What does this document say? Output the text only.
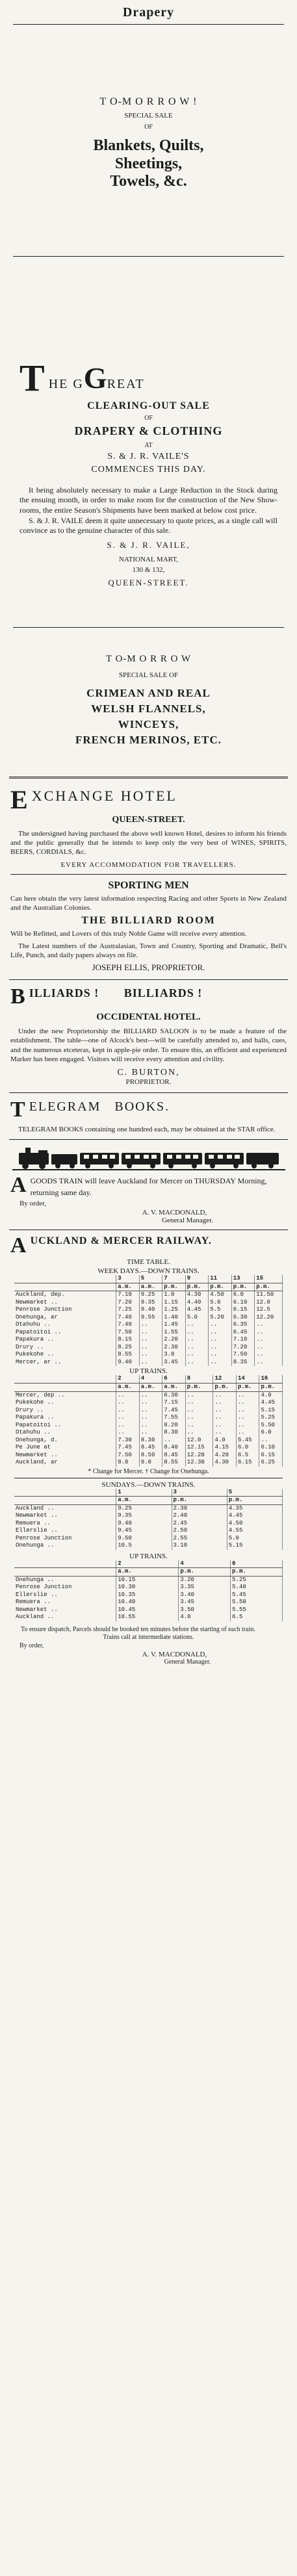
Drapery
T O-M O R R O W !
SPECIAL SALE
OF
Blankets, Quilts,
Sheetings,
Towels, &c.
T HE GGREAT
CLEARING-OUT SALE
OF
DRAPERY & CLOTHING
AT
S. & J. R. VAILE'S
COMMENCES THIS DAY.

It being absolutely necessary to make a Large Reduction in the Stock during the ensuing month, in order to make room for the construction of the New Show-rooms, the entire Season's Shipments have been marked at below cost price.

S. & J. R. VAILE deem it quite unnecessary to quote prices, as a single call will convince as to the genuine character of this sale.

S. & J. R. VAILE,
NATIONAL MART,
130 & 132,
QUEEN-STREET.
T O-M O R R O W
SPECIAL SALE OF
CRIMEAN AND REAL
WELSH FLANNELS,
WINCEYS,
FRENCH MERINOS, ETC.
E XCHANGE HOTEL
QUEEN-STREET.

The undersigned having purchased the above well known Hotel, desires to inform his friends and the public generally that he intends to keep only the very best of WINES, SPIRITS, BEERS, CORDIALS, &c.

EVERY ACCOMMODATION FOR TRAVELLERS.
SPORTING MEN

Can here obtain the very latest information respecting Racing and other Sports in New Zealand and the Australian Colonies.

THE BILLIARD ROOM

Will be Refitted, and Lovers of this truly Noble Game will receive every attention.

The Latest numbers of the Australasian, Town and Country, Sporting and Dramatic, Bell's Life, Punch, and daily papers always on file.

JOSEPH ELLIS, PROPRIETOR.
B ILLIARDS !       BILLIARDS !
OCCIDENTAL HOTEL.

Under the new Proprietorship the BILLIARD SALOON is to be made a feature of the establishment. The table—one of Alcock's best—will be carefully attended to, and balls, cues, and the numerous etceteras, kept in apple-pie order. To ensure this, an efficient and experienced Marker has been engaged. Visitors will receive every attention and civility.

C. BURTON,
PROPRIETOR.
T ELEGRAM   BOOKS.

TELEGRAM BOOKS containing one hundred each, may be obtained at the STAR office.

A GOODS TRAIN will leave Auckland for Mercer on THURSDAY Morning, returning same day.
By order,
A. V. MACDONALD,
General Manager.
A UCKLAND & MERCER RAILWAY.
TIME TABLE.
WEEK DAYS.—DOWN TRAINS.
	3	5	7	9	11	13	15
	a.m.	a.m.	p.m.	p.m.	p.m.	p.m.	p.m.
Auckland, dep.	7.10	9.25	1.0	4.30	4.50	6.0	11.50
Newmarket ..	7.20	9.35	1.15	4.40	5.0	6.10	12.0
Penrose Junction	7.25	9.40	1.25	4.45	5.5	6.15	12.5
Onehunga, ar	7.40	9.55	1.40	5.0	5.20	6.30	12.20
Otahuhu ..	7.40	..	1.45	..	..	6.35	..
Papatoitoi ..	7.50	..	1.55	..	..	6.45	..
Papakura ..	8.15	..	2.20	..	..	7.10	..
Drury ..	8.25	..	2.30	..	..	7.20	..
Pukekohe ..	8.55	..	3.0	..	..	7.50	..
Mercer, ar ..	9.40	..	3.45	..	..	8.35	..
UP TRAINS.
	2	4	6	8	12	14	16
	a.m.	a.m.	a.m.	p.m.	p.m.	p.m.	p.m.
Mercer, dep ..	..	..	6.30	..	..	..	4.0
Pukekohe ..	..	..	7.15	..	..	..	4.45
Drury ..	..	..	7.45	..	..	..	5.15
Papakura ..	..	..	7.55	..	..	..	5.25
Papatoitoi ..	..	..	8.20	..	..	..	5.50
Otahuhu ..	..	..	8.30	..	..	..	6.0
Onehunga, d.	7.30	8.30	..	12.0	4.0	5.45	..
Pe June at	7.45	8.45	8.40	12.15	4.15	6.0	6.10
Newmarket ..	7.50	8.50	8.45	12.20	4.20	6.5	6.15
Auckland, ar	8.0	9.0	8.55	12.30	4.30	6.15	6.25
* Change for Mercer. † Change for Onehunga.
SUNDAYS.—DOWN TRAINS.
	1	3	5
	a.m.	p.m.	p.m.
Auckland ..	9.25	2.30	4.35
Newmarket ..	9.35	2.40	4.45
Remuera ..	9.40	2.45	4.50
Ellerslie ..	9.45	2.50	4.55
Penrose Junction	9.50	2.55	5.0
Onehunga ..	10.5	3.10	5.15
UP TRAINS.
	2	4	6
	a.m.	p.m.	p.m.
Onehunga ..	10.15	3.20	5.25
Penrose Junction	10.30	3.35	5.40
Ellerslie ..	10.35	3.40	5.45
Remuera ..	10.40	3.45	5.50
Newmarket ..	10.45	3.50	5.55
Auckland ..	10.55	4.0	6.5

To ensure dispatch, Parcels should be booked ten minutes before the starting of each train.

Trains call at intermediate stations.
By order,
A. V. MACDONALD,
General Manager.
